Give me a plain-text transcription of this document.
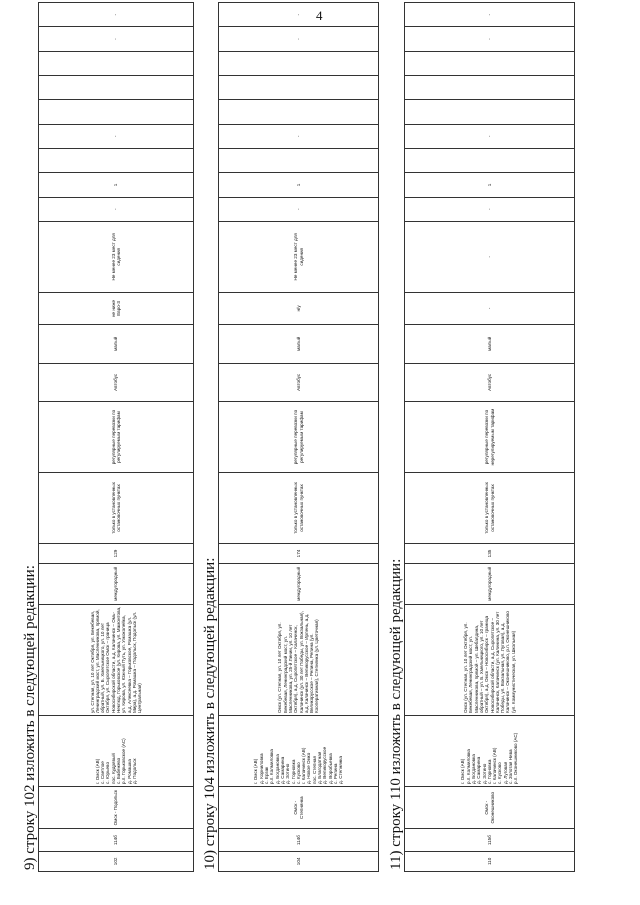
4
9) строку 102 изложить в следующей редакции:	102	114б	Омск - Подольск	г. Омск (АВ)
с. Светлое
с. Юрьево
пос. Кудрявый
с. Бабежево
р.п. Горьковское (АС)
д. Ромашка
д. Подольск	ул. Степная, ул. 10 лет Октября, ул. Бекебевая, Ленинградский мост, ул. Масленникова, прямой, обратный, ул. Б. Хмельницкого, ул. 10 лет Октября, ул. Сыропятское Омск – граница Новосибирской области, а.д. Калачинск – Омь-Неклюд, Горьковское (ул. Кирова, ул. Мамонтова, ул. Кирова, ул. Южный Путь, ул. Узкоколейка, а.д. Алексеевка – Горьковское, Ромашка (ул. Мира), а.д. Ромашка – Подольск, Подольск (ул. Центральная)	междугородный	129	только в установленных остановочных пунктах	регулярные перевозки по регулируемым тарифам	Автобус	малый	не ниже Евро-3	Не менее 23 мест для сидения	-	1		-				-	-
10) строку 104 изложить в следующей редакции:	104	114б	Омск - Степнянка	г. Омск (АВ)
д. Корниловка
с. Ерзак
р.п. Колмиловка
д. Богдановка
д. Самарина
д. Зотино
с. Горновка
с. Кусково
г. Калачинск (АВ)
д. Новое Омко
пос. Степная
д. Благодатная
д. Великорусское
д. Воробьевка
с. Репина
д. Степнянка	Омск (ул. Степная, ул. 10 лет Октября, ул. Бекебевая, Ленинградский мост, ул. Масленникова, ул. 25-й Линии, ул. 10 лет Октября), а.д. Сыропятское – Калачинск, Калачинск (ул. 30 лет Победы, ул. Вокзальная), а.д. Калачинск – Великорусское – Ирпень, а.д. Великорусское – Репина, Репина (ул. Кооперативная), Степнянка (ул. Цветочная)	междугородный	174	только в установленных остановочных пунктах	регулярные перевозки по регулируемым тарифам	Автобус	малый	н/у	Не менее 23 мест для сидения	-	1		-				-	-
11) строку 110 изложить в следующей редакции:	110	115б	Омск - Оконешниково	г. Омск (АВ)
р.п. Колмиловка
д. Богдановка
д. Самарина
д. Зотино
с. Горновка
г. Калачинск (АВ)
с. Кусково
д. Луговая
с. Золотая Нива
р.п. Оконешниково (АС)	Омск (ул. Степная, ул. 10 лет Октября, ул. Бекебевая, Ленинградский мост, ул. Масленникова, прямой – ул. Шебалдина, обратный – ул. Б. Хмельницкого, ул. 10 лет Октября), а.д. Омск – Новосибирск – граница Новосибирской области, а.д. Сыропятское – Калачинск, Калачинск (ул. Калинина, ул. 30 лет Победы, ул. Вокзальная, ул. Луговая), а.д. Калачинск – Оконешниково, р.п. Оконешниково (ул. Коммунистическая, ул. Школьная)	междугородный	135	только в установленных остановочных пунктах	регулярные перевозки по нерегулируемым тарифам	Автобус	малый	-	-	-	1		-				-	-
